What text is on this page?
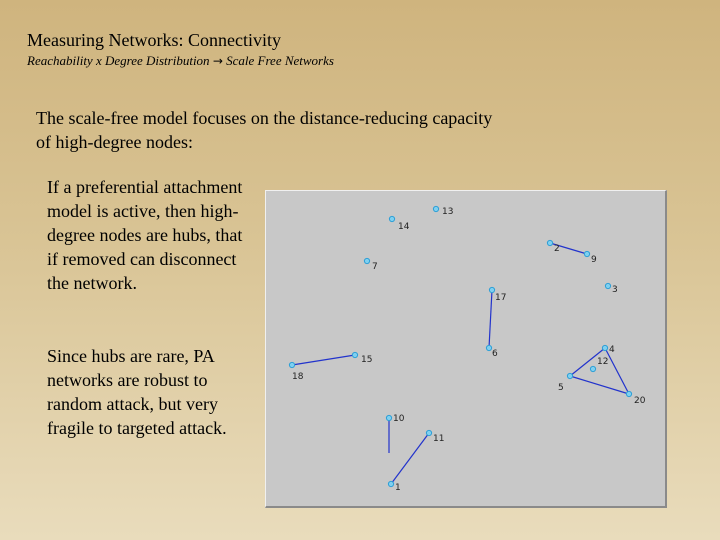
Measuring Networks: Connectivity
Reachability x Degree Distribution → Scale Free Networks
The scale-free model focuses on the distance-reducing capacity of high-degree nodes:
If a preferential attachment model is active, then high-degree nodes are hubs, that if removed can disconnect the network.
Since hubs are rare, PA networks are robust to random attack, but very fragile to targeted attack.
14
13
7
2
9
3
17
6
18
15
4
12
5
20
10
11
1
